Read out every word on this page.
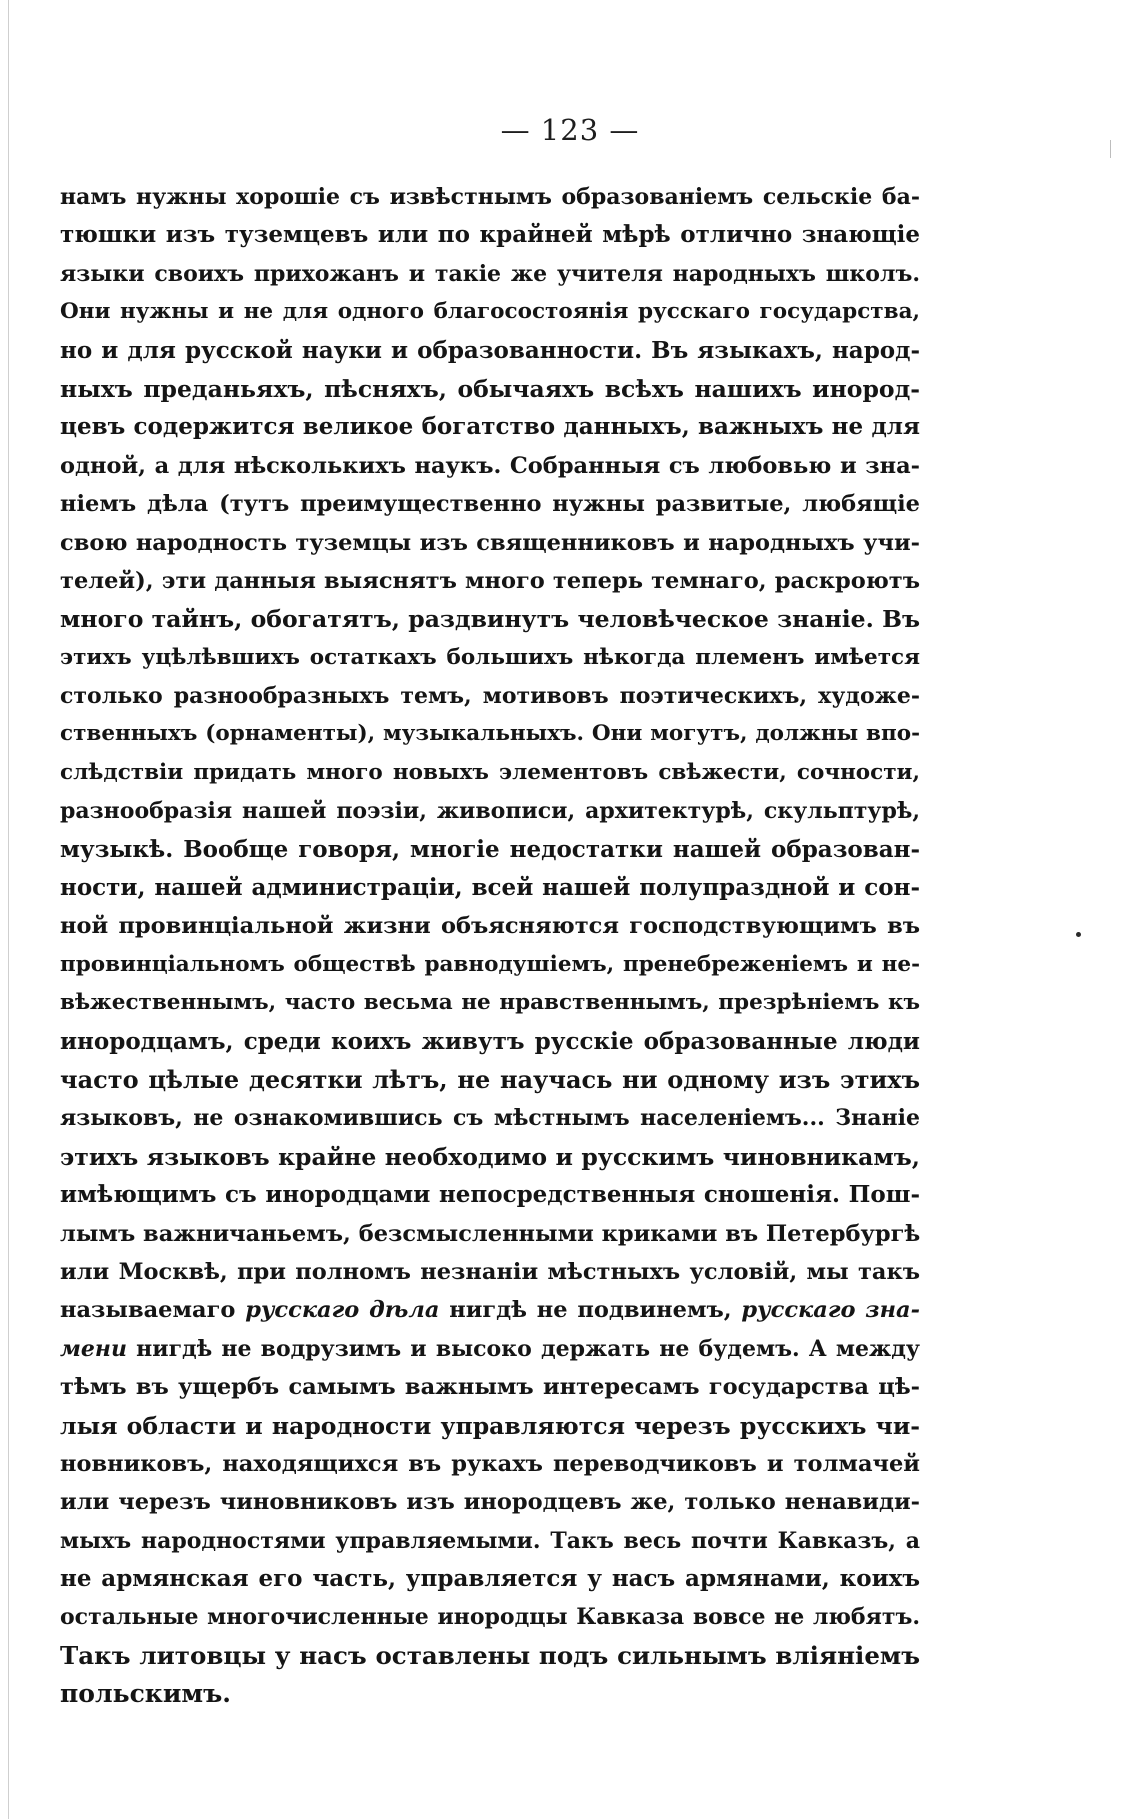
— 123 —
намъ нужны хорошіе съ извѣстнымъ образованіемъ сельскіе ба-
тюшки изъ туземцевъ или по крайней мѣрѣ отлично знающіе
языки своихъ прихожанъ и такіе же учителя народныхъ школъ.
Они нужны и не для одного благосостоянія русскаго государства,
но и для русской науки и образованности. Въ языкахъ, народ-
ныхъ преданьяхъ, пѣсняхъ, обычаяхъ всѣхъ нашихъ инород-
цевъ содержится великое богатство данныхъ, важныхъ не для
одной, а для нѣсколькихъ наукъ. Собранныя съ любовью и зна-
ніемъ дѣла (тутъ преимущественно нужны развитые, любящіе
свою народность туземцы изъ священниковъ и народныхъ учи-
телей), эти данныя выяснятъ много теперь темнаго, раскроютъ
много тайнъ, обогатятъ, раздвинутъ человѣческое знаніе. Въ
этихъ уцѣлѣвшихъ остаткахъ большихъ нѣкогда племенъ имѣется
столько разнообразныхъ темъ, мотивовъ поэтическихъ, художе-
ственныхъ (орнаменты), музыкальныхъ. Они могутъ, должны впо-
слѣдствіи придать много новыхъ элементовъ свѣжести, сочности,
разнообразія нашей поэзіи, живописи, архитектурѣ, скульптурѣ,
музыкѣ. Вообще говоря, многіе недостатки нашей образован-
ности, нашей администраціи, всей нашей полупраздной и сон-
ной провинціальной жизни объясняются господствующимъ въ
провинціальномъ обществѣ равнодушіемъ, пренебреженіемъ и не-
вѣжественнымъ, часто весьма не нравственнымъ, презрѣніемъ къ
инородцамъ, среди коихъ живутъ русскіе образованные люди
часто цѣлые десятки лѣтъ, не научась ни одному изъ этихъ
языковъ, не ознакомившись съ мѣстнымъ населеніемъ... Знаніе
этихъ языковъ крайне необходимо и русскимъ чиновникамъ,
имѣющимъ съ инородцами непосредственныя сношенія. Пош-
лымъ важничаньемъ, безсмысленными криками въ Петербургѣ
или Москвѣ, при полномъ незнаніи мѣстныхъ условій, мы такъ
называемаго русскаго дѣла нигдѣ не подвинемъ, русскаго зна-
мени нигдѣ не водрузимъ и высоко держать не будемъ. А между
тѣмъ въ ущербъ самымъ важнымъ интересамъ государства цѣ-
лыя области и народности управляются черезъ русскихъ чи-
новниковъ, находящихся въ рукахъ переводчиковъ и толмачей
или черезъ чиновниковъ изъ инородцевъ же, только ненавиди-
мыхъ народностями управляемыми. Такъ весь почти Кавказъ, а
не армянская его часть, управляется у насъ армянами, коихъ
остальные многочисленные инородцы Кавказа вовсе не любятъ.
Такъ литовцы у насъ оставлены подъ сильнымъ вліяніемъ
польскимъ.
